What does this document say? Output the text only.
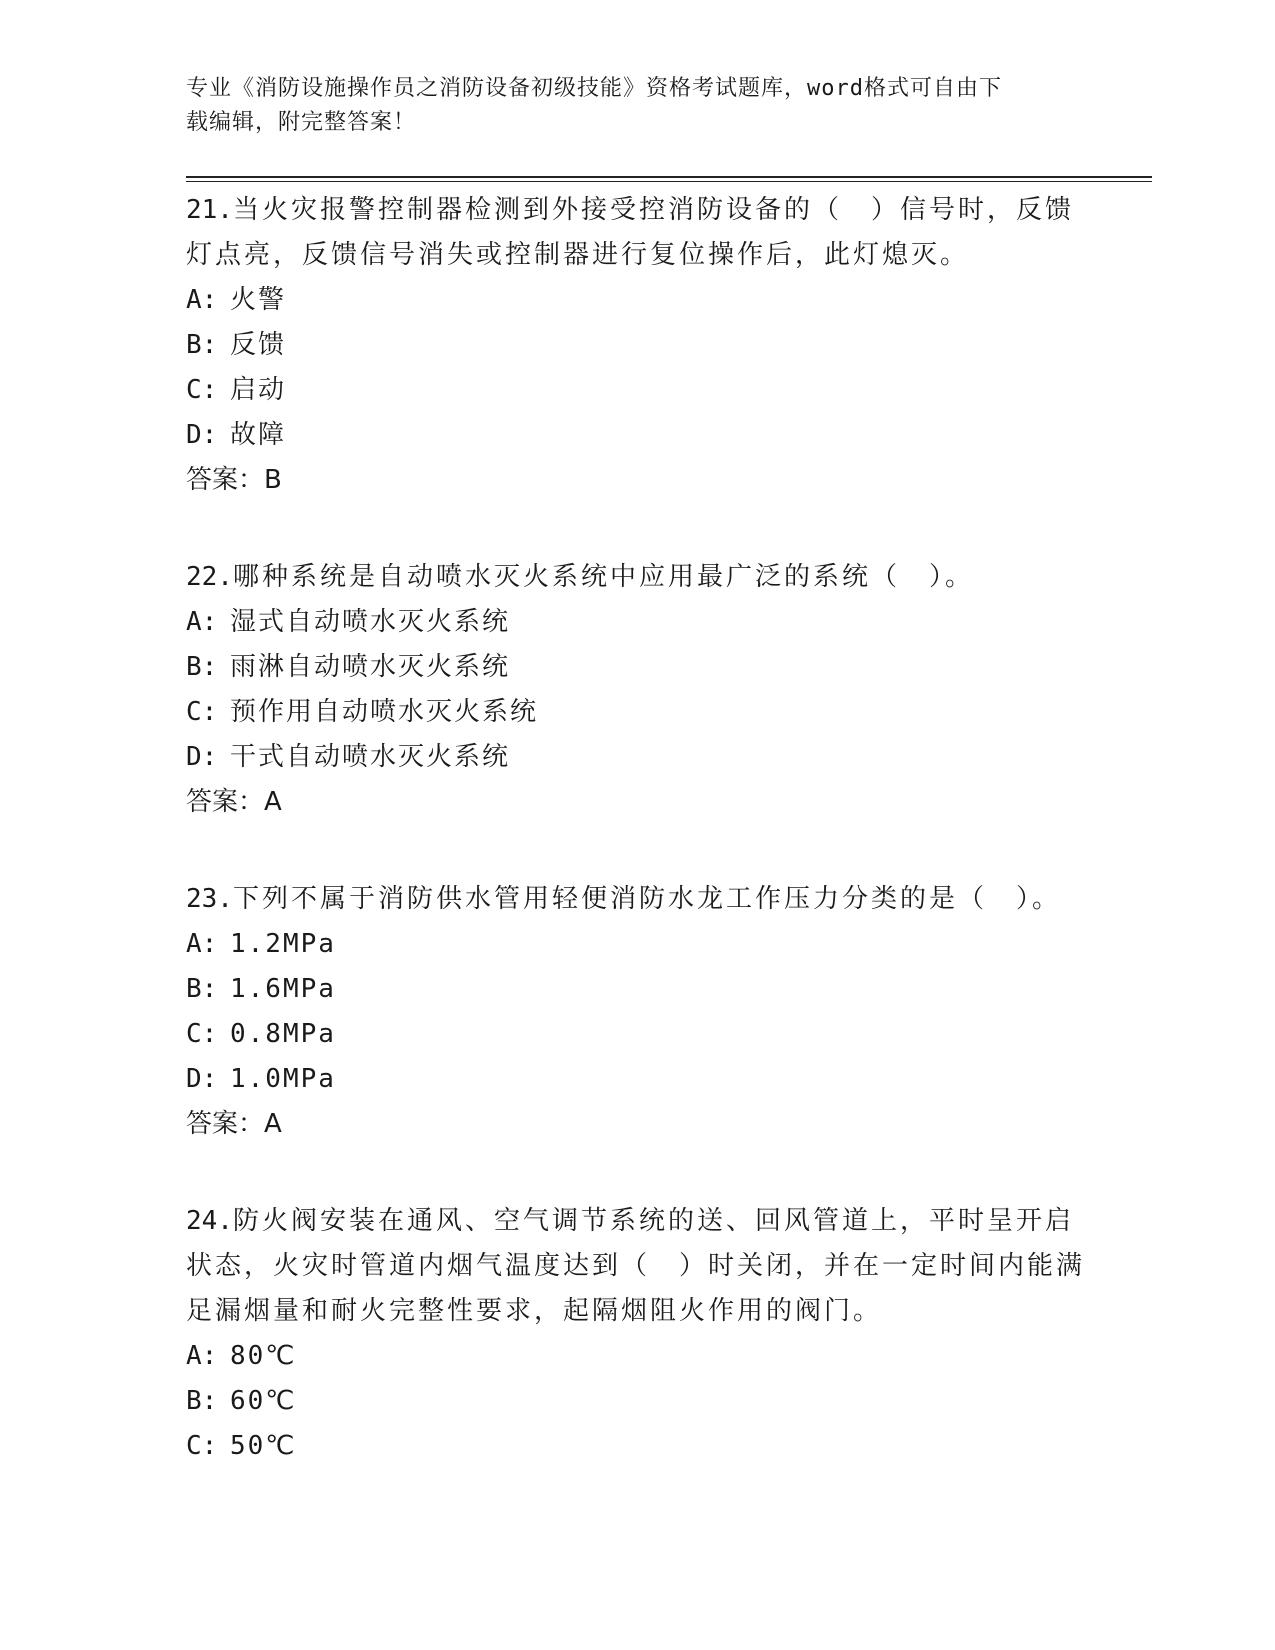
专业《消防设施操作员之消防设备初级技能》资格考试题库，word格式可自由下
载编辑，附完整答案！

21.当火灾报警控制器检测到外接受控消防设备的（　）信号时，反馈灯点亮，反馈信号消失或控制器进行复位操作后，此灯熄灭。

A: 火警
B: 反馈
C: 启动
D: 故障

答案：B

22.哪种系统是自动喷水灭火系统中应用最广泛的系统（　）。

A: 湿式自动喷水灭火系统
B: 雨淋自动喷水灭火系统
C: 预作用自动喷水灭火系统
D: 干式自动喷水灭火系统

答案：A

23.下列不属于消防供水管用轻便消防水龙工作压力分类的是（　）。

A: 1.2MPa
B: 1.6MPa
C: 0.8MPa
D: 1.0MPa

答案：A

24.防火阀安装在通风、空气调节系统的送、回风管道上，平时呈开启状态，火灾时管道内烟气温度达到（　）时关闭，并在一定时间内能满足漏烟量和耐火完整性要求，起隔烟阻火作用的阀门。

A: 80℃
B: 60℃
C: 50℃
